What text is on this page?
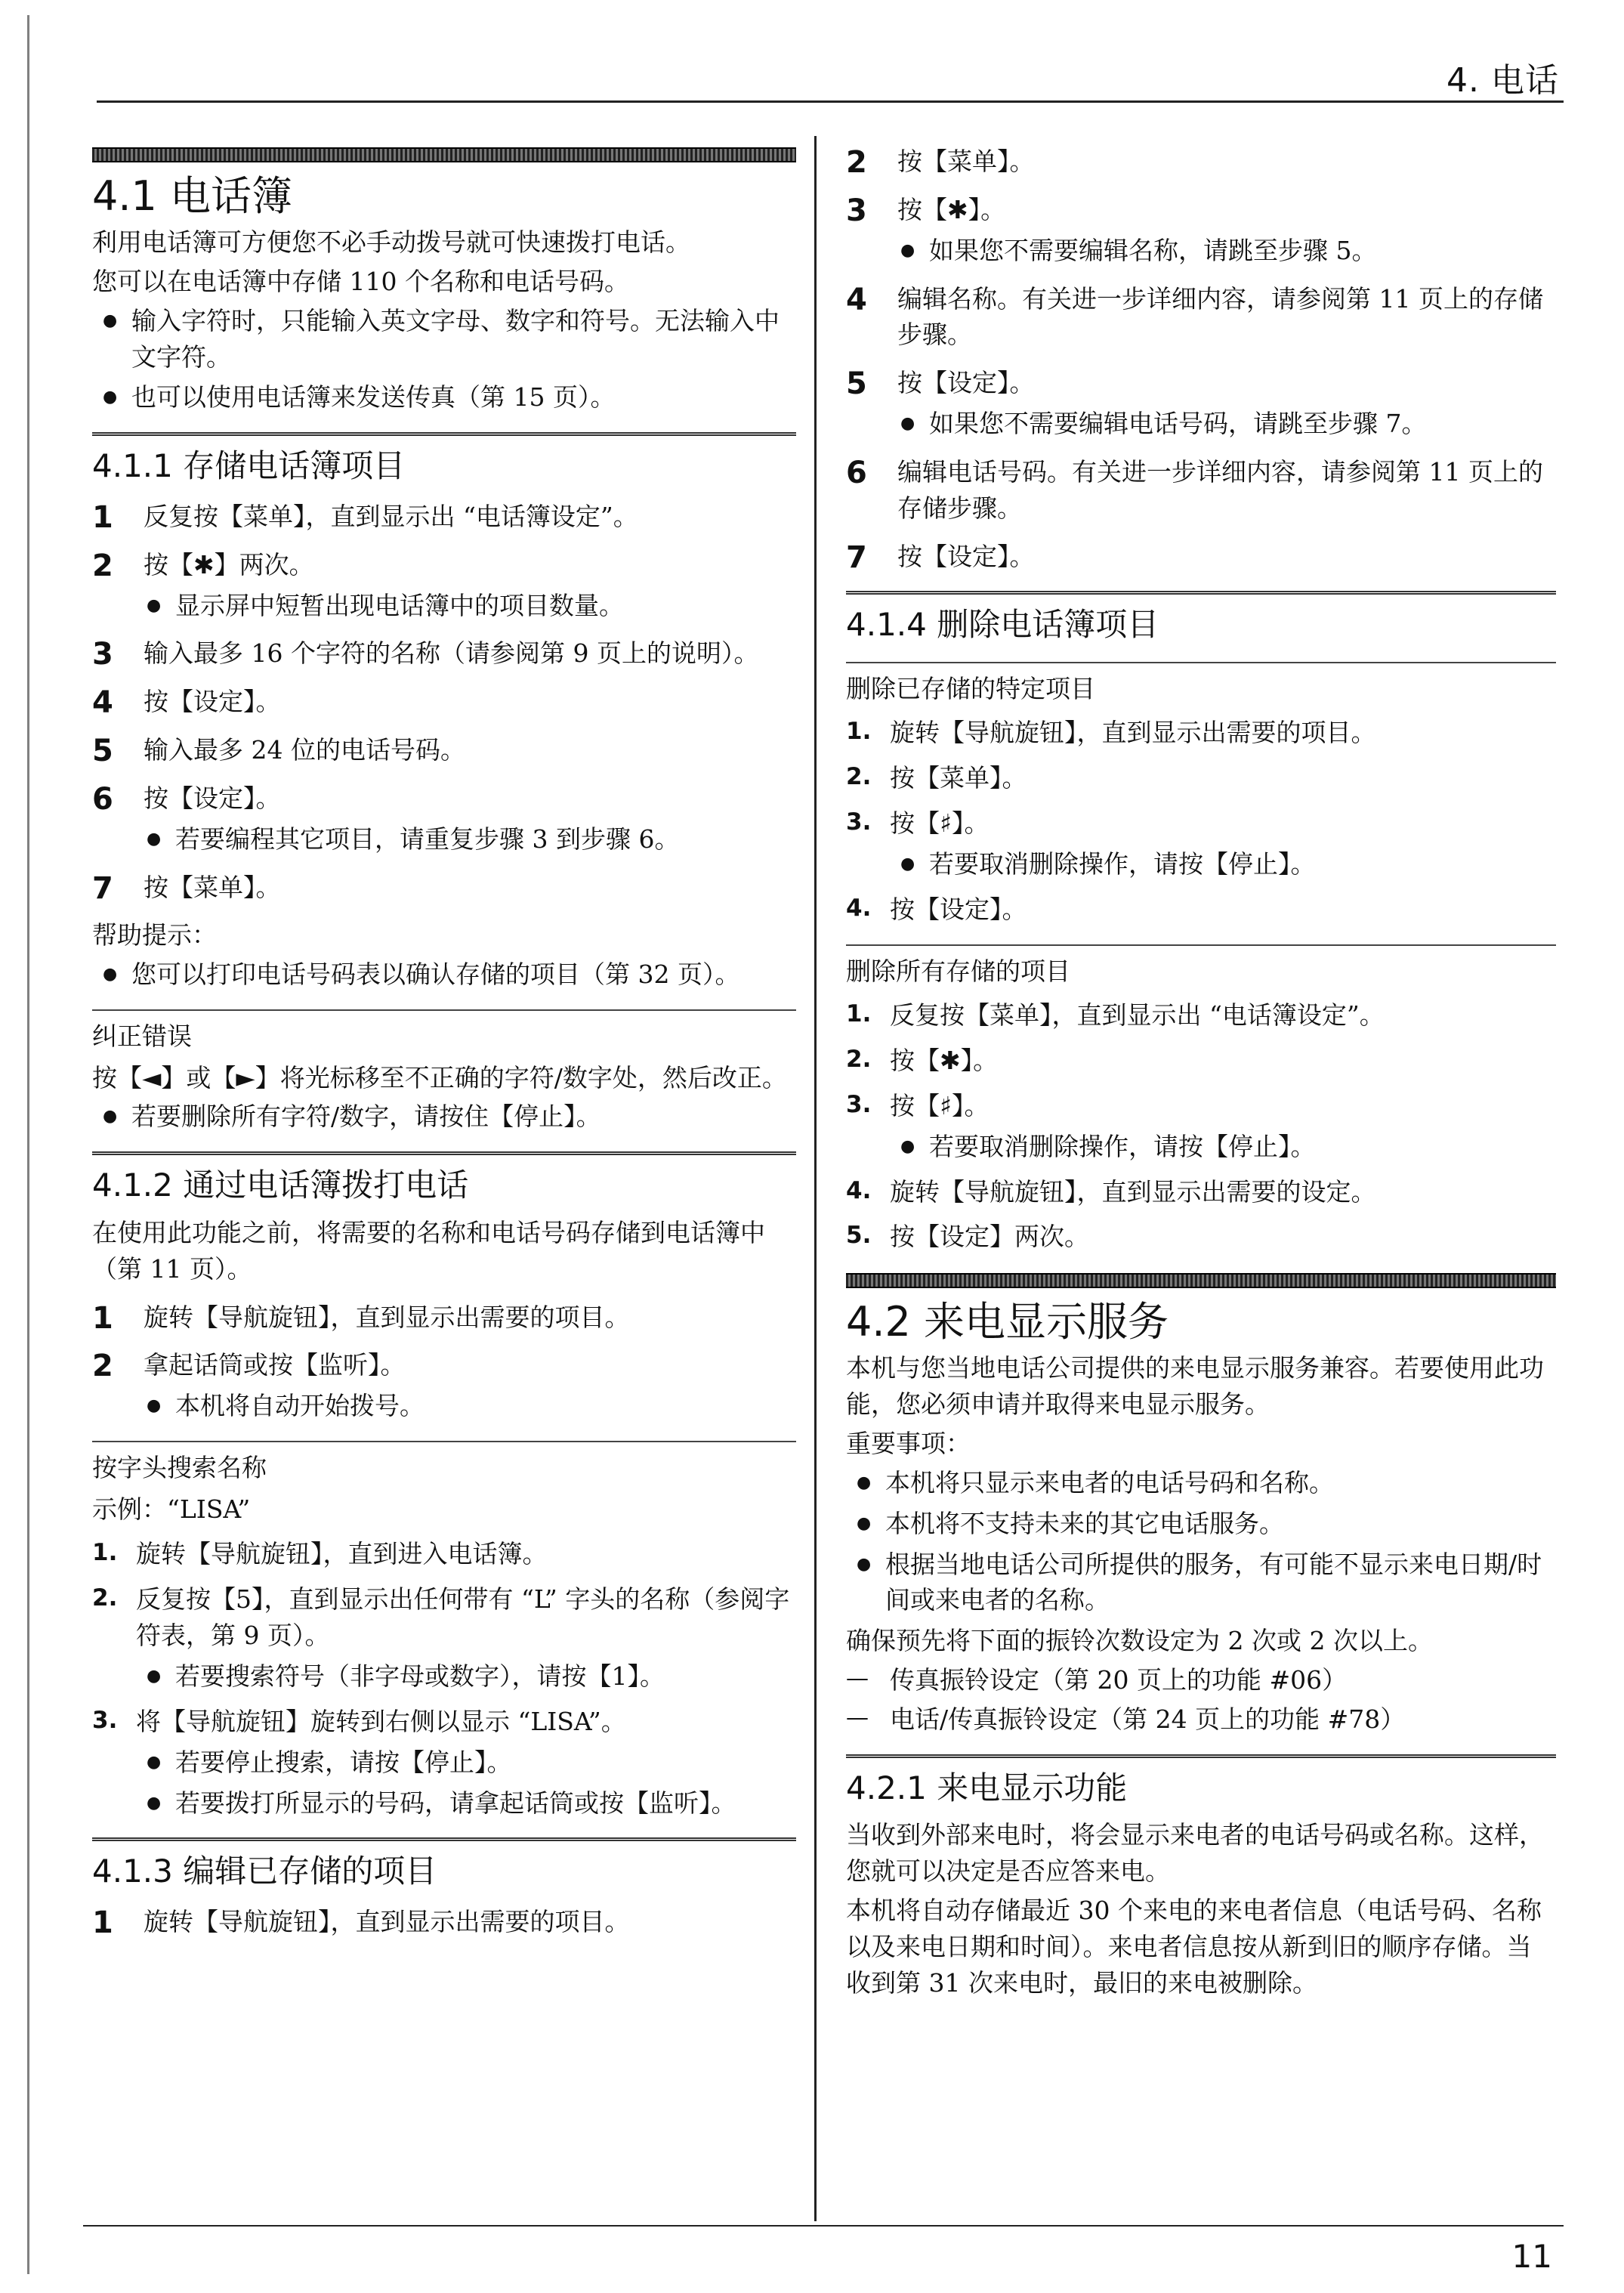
4. 电话
4.1 电话簿

利用电话簿可方便您不必手动拨号就可快速拨打电话。

您可以在电话簿中存储 110 个名称和电话号码。

● 输入字符时，只能输入英文字母、数字和符号。无法输入中文字符。

● 也可以使用电话簿来发送传真（第 15 页）。

4.1.1 存储电话簿项目

1 反复按【菜单】，直到显示出 “电话簿设定”。

2 按【✱】两次。

● 显示屏中短暂出现电话簿中的项目数量。

3 输入最多 16 个字符的名称（请参阅第 9 页上的说明）。

4 按【设定】。

5 输入最多 24 位的电话号码。

6 按【设定】。

● 若要编程其它项目，请重复步骤 3 到步骤 6。

7 按【菜单】。

帮助提示：

● 您可以打印电话号码表以确认存储的项目（第 32 页）。

纠正错误

按【◄】或【►】将光标移至不正确的字符/数字处，然后改正。

● 若要删除所有字符/数字，请按住【停止】。

4.1.2 通过电话簿拨打电话

在使用此功能之前，将需要的名称和电话号码存储到电话簿中（第 11 页）。

1 旋转【导航旋钮】，直到显示出需要的项目。

2 拿起话筒或按【监听】。

● 本机将自动开始拨号。

按字头搜索名称

示例：“LISA”

1. 旋转【导航旋钮】，直到进入电话簿。

2. 反复按【5】，直到显示出任何带有 “L” 字头的名称（参阅字符表，第 9 页）。

● 若要搜索符号（非字母或数字），请按【1】。

3. 将【导航旋钮】旋转到右侧以显示 “LISA”。

● 若要停止搜索，请按【停止】。

● 若要拨打所显示的号码，请拿起话筒或按【监听】。

4.1.3 编辑已存储的项目

1 旋转【导航旋钮】，直到显示出需要的项目。

2 按【菜单】。

3 按【✱】。

● 如果您不需要编辑名称，请跳至步骤 5。

4 编辑名称。有关进一步详细内容，请参阅第 11 页上的存储步骤。

5 按【设定】。

● 如果您不需要编辑电话号码，请跳至步骤 7。

6 编辑电话号码。有关进一步详细内容，请参阅第 11 页上的存储步骤。

7 按【设定】。

4.1.4 删除电话簿项目
删除已存储的特定项目

1. 旋转【导航旋钮】，直到显示出需要的项目。

2. 按【菜单】。

3. 按【♯】。

● 若要取消删除操作，请按【停止】。

4. 按【设定】。

删除所有存储的项目

1. 反复按【菜单】，直到显示出 “电话簿设定”。

2. 按【✱】。

3. 按【♯】。

● 若要取消删除操作，请按【停止】。

4. 旋转【导航旋钮】，直到显示出需要的设定。

5. 按【设定】两次。

4.2 来电显示服务

本机与您当地电话公司提供的来电显示服务兼容。若要使用此功能，您必须申请并取得来电显示服务。

重要事项：

● 本机将只显示来电者的电话号码和名称。

● 本机将不支持未来的其它电话服务。

● 根据当地电话公司所提供的服务，有可能不显示来电日期/时间或来电者的名称。

确保预先将下面的振铃次数设定为 2 次或 2 次以上。

— 传真振铃设定（第 20 页上的功能 #06）

— 电话/传真振铃设定（第 24 页上的功能 #78）

4.2.1 来电显示功能

当收到外部来电时，将会显示来电者的电话号码或名称。这样，您就可以决定是否应答来电。

本机将自动存储最近 30 个来电的来电者信息（电话号码、名称以及来电日期和时间）。来电者信息按从新到旧的顺序存储。当收到第 31 次来电时，最旧的来电被删除。

11
